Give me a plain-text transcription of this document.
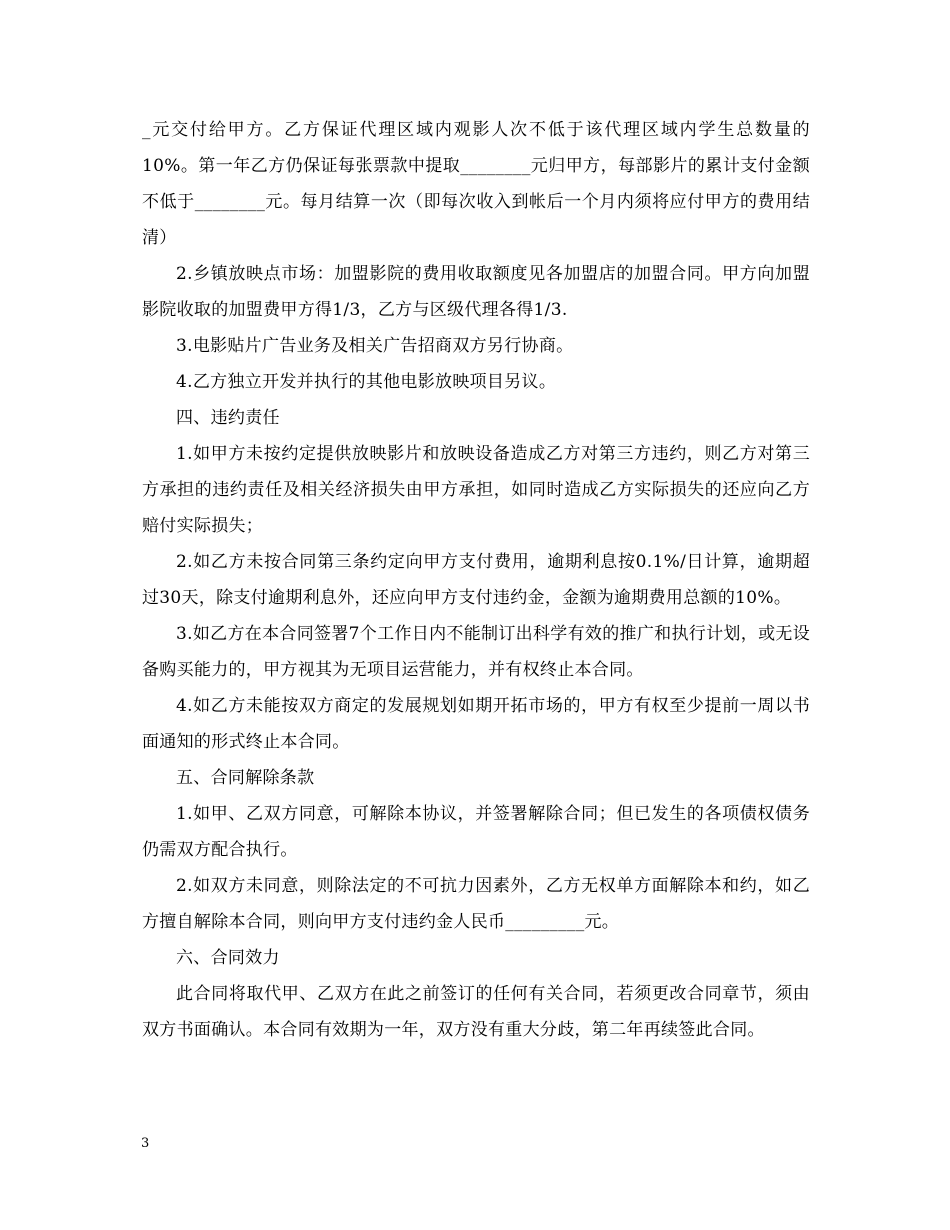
_元交付给甲方。乙方保证代理区域内观影人次不低于该代理区域内学生总数量的10%。第一年乙方仍保证每张票款中提取________元归甲方，每部影片的累计支付金额不低于________元。每月结算一次（即每次收入到帐后一个月内须将应付甲方的费用结清）

2.乡镇放映点市场：加盟影院的费用收取额度见各加盟店的加盟合同。甲方向加盟影院收取的加盟费甲方得1/3，乙方与区级代理各得1/3.

3.电影贴片广告业务及相关广告招商双方另行协商。

4.乙方独立开发并执行的其他电影放映项目另议。

四、违约责任

1.如甲方未按约定提供放映影片和放映设备造成乙方对第三方违约，则乙方对第三方承担的违约责任及相关经济损失由甲方承担，如同时造成乙方实际损失的还应向乙方赔付实际损失；

2.如乙方未按合同第三条约定向甲方支付费用，逾期利息按0.1%/日计算，逾期超过30天，除支付逾期利息外，还应向甲方支付违约金，金额为逾期费用总额的10%。

3.如乙方在本合同签署7个工作日内不能制订出科学有效的推广和执行计划，或无设备购买能力的，甲方视其为无项目运营能力，并有权终止本合同。

4.如乙方未能按双方商定的发展规划如期开拓市场的，甲方有权至少提前一周以书面通知的形式终止本合同。

五、合同解除条款

1.如甲、乙双方同意，可解除本协议，并签署解除合同；但已发生的各项债权债务仍需双方配合执行。

2.如双方未同意，则除法定的不可抗力因素外，乙方无权单方面解除本和约，如乙方擅自解除本合同，则向甲方支付违约金人民币_________元。

六、合同效力

此合同将取代甲、乙双方在此之前签订的任何有关合同，若须更改合同章节，须由双方书面确认。本合同有效期为一年，双方没有重大分歧，第二年再续签此合同。

3
